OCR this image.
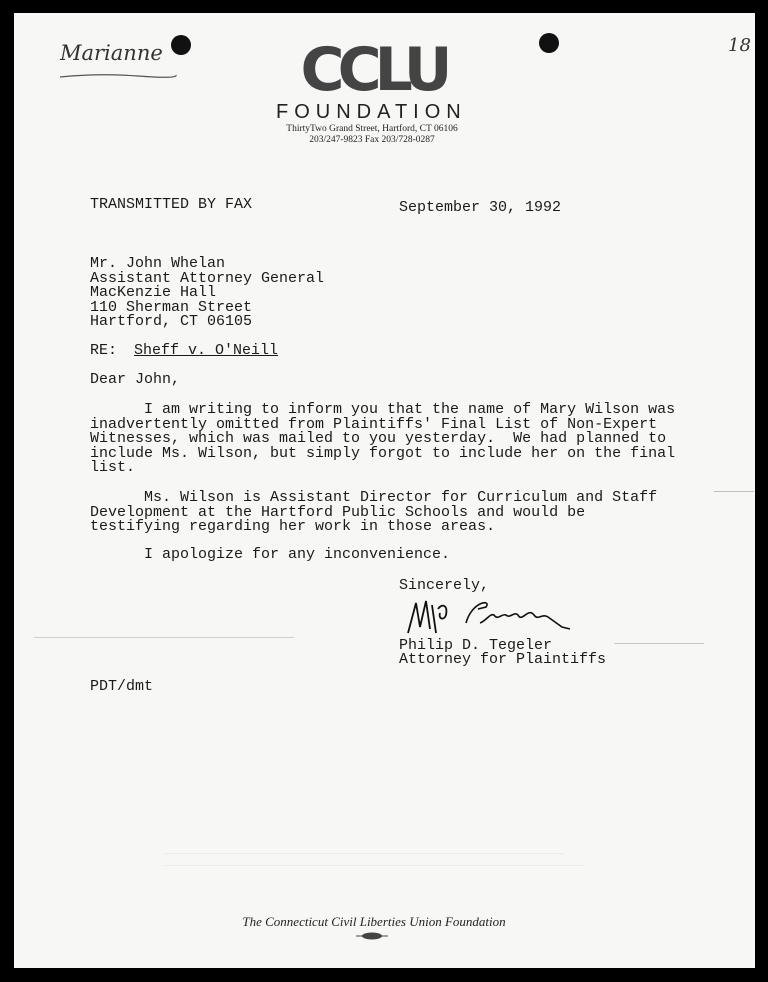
Marianne	18
CCLU
FOUNDATION
ThirtyTwo Grand Street, Hartford, CT 06106
203/247-9823 Fax 203/728-0287
TRANSMITTED BY FAX	September 30, 1992
Mr. John Whelan
Assistant Attorney General
MacKenzie Hall
110 Sherman Street
Hartford, CT 06105
RE: Sheff v. O'Neill
Dear John,
I am writing to inform you that the name of Mary Wilson was
inadvertently omitted from Plaintiffs' Final List of Non-Expert
Witnesses, which was mailed to you yesterday.  We had planned to
include Ms. Wilson, but simply forgot to include her on the final
list.
Ms. Wilson is Assistant Director for Curriculum and Staff
Development at the Hartford Public Schools and would be
testifying regarding her work in those areas.
I apologize for any inconvenience.
Sincerely,
Philip D. Tegeler
Attorney for Plaintiffs
PDT/dmt
The Connecticut Civil Liberties Union Foundation
